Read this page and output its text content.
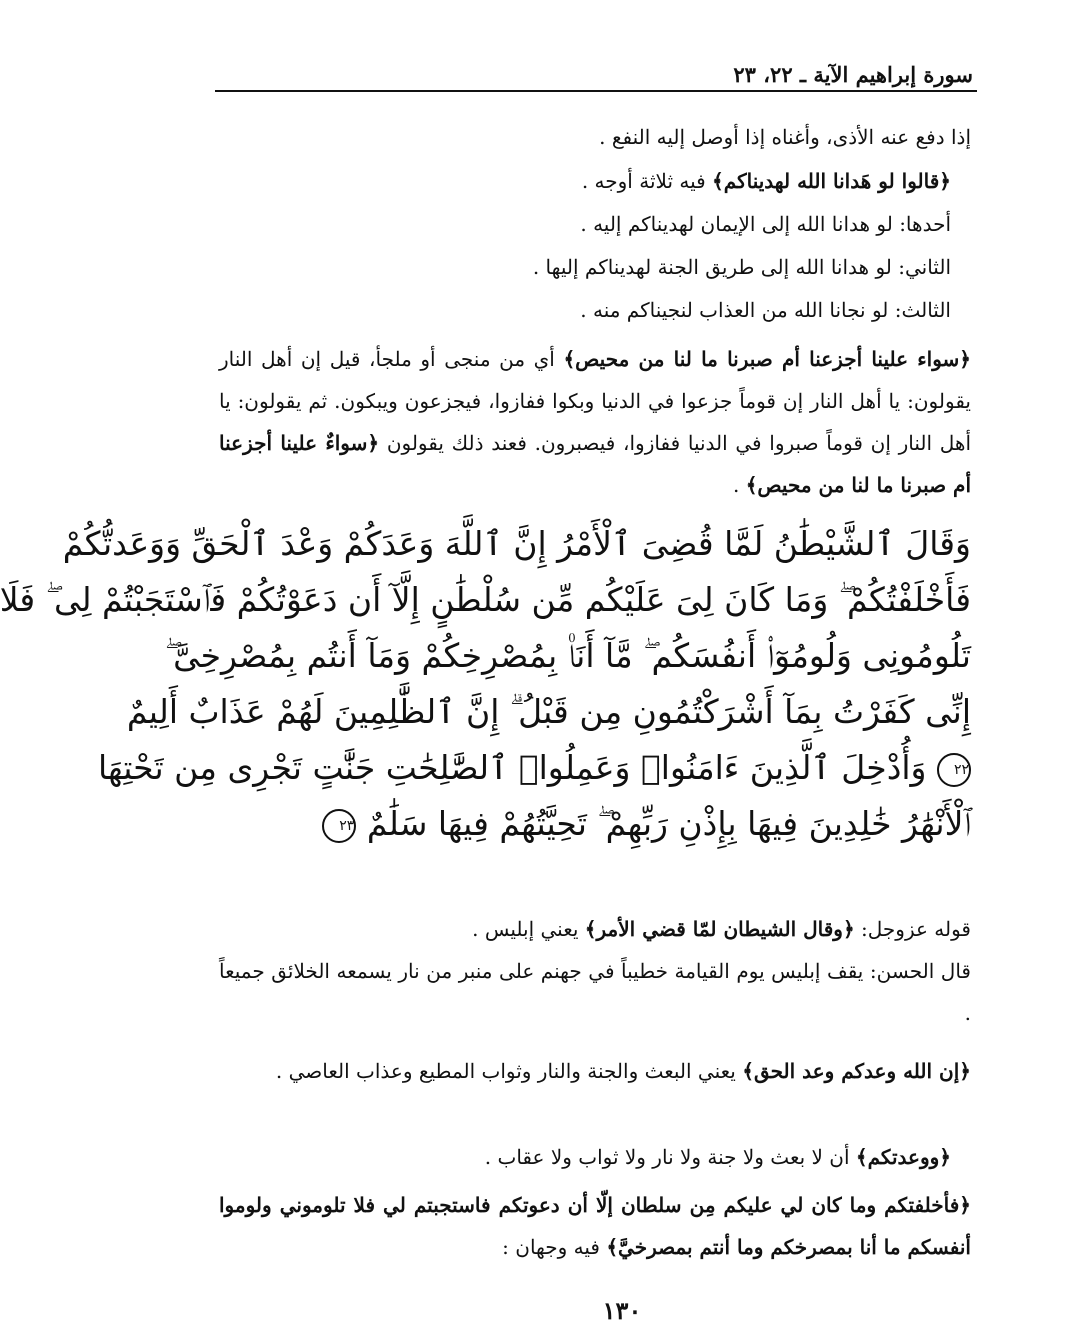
سورة إبراهيم الآية ـ ٢٢، ٢٣
إذا دفع عنه الأذى، وأغناه إذا أوصل إليه النفع .
﴿قالوا لو هَدانا الله لهديناكم﴾ فيه ثلاثة أوجه .
أحدها: لو هدانا الله إلى الإيمان لهديناكم إليه .
الثاني: لو هدانا الله إلى طريق الجنة لهديناكم إليها .
الثالث: لو نجانا الله من العذاب لنجيناكم منه .
﴿سواء علينا أجزعنا أم صبرنا ما لنا من محيص﴾ أي من منجى أو ملجأ، قيل إن أهل النار يقولون: يا أهل النار إن قوماً جزعوا في الدنيا وبكوا ففازوا، فيجزعون ويبكون. ثم يقولون: يا أهل النار إن قوماً صبروا في الدنيا ففازوا، فيصبرون. فعند ذلك يقولون ﴿سواءٌ علينا أجزعنا أم صبرنا ما لنا من محيص﴾ .
وَقَالَ ٱلشَّيْطَٰنُ لَمَّا قُضِىَ ٱلْأَمْرُ إِنَّ ٱللَّهَ وَعَدَكُمْ وَعْدَ ٱلْحَقِّ وَوَعَدتُّكُمْ
فَأَخْلَفْتُكُمْ ۖ وَمَا كَانَ لِىَ عَلَيْكُم مِّن سُلْطَٰنٍ إِلَّآ أَن دَعَوْتُكُمْ فَٱسْتَجَبْتُمْ لِى ۖ فَلَا
تَلُومُونِى وَلُومُوٓا۟ أَنفُسَكُم ۖ مَّآ أَنَا۠ بِمُصْرِخِكُمْ وَمَآ أَنتُم بِمُصْرِخِىَّ ۖ
إِنِّى كَفَرْتُ بِمَآ أَشْرَكْتُمُونِ مِن قَبْلُ ۗ إِنَّ ٱلظَّٰلِمِينَ لَهُمْ عَذَابٌ أَلِيمٌ
٢٢ وَأُدْخِلَ ٱلَّذِينَ ءَامَنُوا۟ وَعَمِلُوا۟ ٱلصَّٰلِحَٰتِ جَنَّٰتٍ تَجْرِى مِن تَحْتِهَا
ٱلْأَنْهَٰرُ خَٰلِدِينَ فِيهَا بِإِذْنِ رَبِّهِمْ ۖ تَحِيَّتُهُمْ فِيهَا سَلَٰمٌ ٢٣
قوله عزوجل: ﴿وقال الشيطان لمّا قضي الأمر﴾ يعني إبليس .
قال الحسن: يقف إبليس يوم القيامة خطيباً في جهنم على منبر من نار يسمعه الخلائق جميعاً .
﴿إن الله وعدكم وعد الحق﴾ يعني البعث والجنة والنار وثواب المطيع وعذاب العاصي .
﴿ووعدتكم﴾ أن لا بعث ولا جنة ولا نار ولا ثواب ولا عقاب .
﴿فأخلفتكم وما كان لي عليكم مِن سلطان إلّا أن دعوتكم فاستجبتم لي فلا تلوموني ولوموا أنفسكم ما أنا بمصرخكم وما أنتم بمصرخيَّ﴾ فيه وجهان :
١٣٠
